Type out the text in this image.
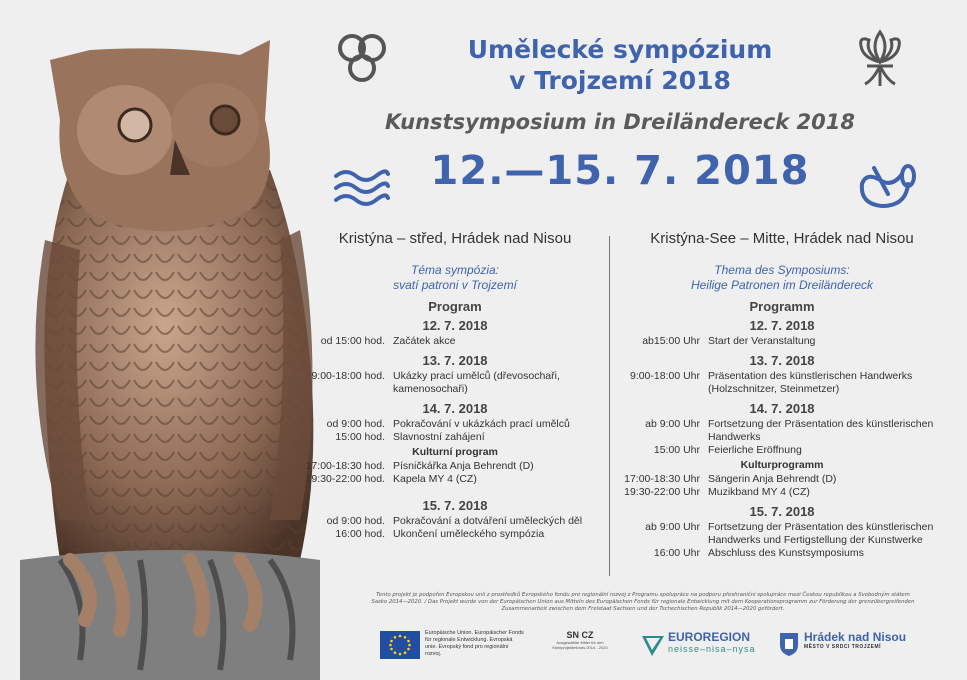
Umělecké sympózium
v Trojzemí 2018
Kunstsymposium in Dreiländereck 2018
12.—15. 7. 2018
Kristýna – střed, Hrádek nad Nisou
Téma sympózia:
svatí patroni v Trojzemí
Program
12. 7. 2018
od 15:00 hod. Začátek akce
13. 7. 2018
9:00-18:00 hod. Ukázky prací umělců (dřevosochaři, kamenosochaři)
14. 7. 2018
od 9:00 hod. Pokračování v ukázkách prací umělců
15:00 hod. Slavnostní zahájení
Kulturní program
17:00-18:30 hod. Písničkářka Anja Behrendt (D)
19:30-22:00 hod. Kapela MY 4 (CZ)
15. 7. 2018
od 9:00 hod. Pokračování a dotváření uměleckých děl
16:00 hod. Ukončení uměleckého sympózia
Kristýna-See – Mitte, Hrádek nad Nisou
Thema des Symposiums:
Heilige Patronen im Dreiländereck
Programm
12. 7. 2018
ab15:00 Uhr Start der Veranstaltung
13. 7. 2018
9:00-18:00 Uhr Präsentation des künstlerischen Handwerks (Holzschnitzer, Steinmetzer)
14. 7. 2018
ab 9:00 Uhr Fortsetzung der Präsentation des künstlerischen Handwerks
15:00 Uhr Feierliche Eröffnung
Kulturprogramm
17:00-18:30 Uhr Sängerin Anja Behrendt (D)
19:30-22:00 Uhr Muzikband MY 4 (CZ)
15. 7. 2018
ab 9:00 Uhr Fortsetzung der Präsentation des künstlerischen Handwerks und Fertigstellung der Kunstwerke
16:00 Uhr Abschluss des Kunstsymposiums
Tento projekt je podpořen Evropskou unií z prostředků Evropského fondu pro regionální rozvoj z Programu spolupráce na podporu přeshraniční spolupráce mezi Českou republikou a Svobodným státem Sasko 2014—2020. / Das Projekt wurde von der Europäischen Union aus Mitteln des Europäischen Fonds für regionale Entwicklung mit dem Kooperationsprogramm zur Förderung der grenzübergreifenden Zusammenarbeit zwischen dem Freistaat Sachsen und der Tschechischen Republik 2014—2020 gefördert.
Europäische Union. Europäischer Fonds für regionale Entwicklung. Evropská unie. Evropský fond pro regionální rozvoj.
SN CZ
Ausgewählte Mittel für den Kleinprojektefonds 2014 - 2020
EUROREGION
neisse–nisa–nysa
Hrádek nad Nisou
MĚSTO V SRDCI TROJZEMÍ
